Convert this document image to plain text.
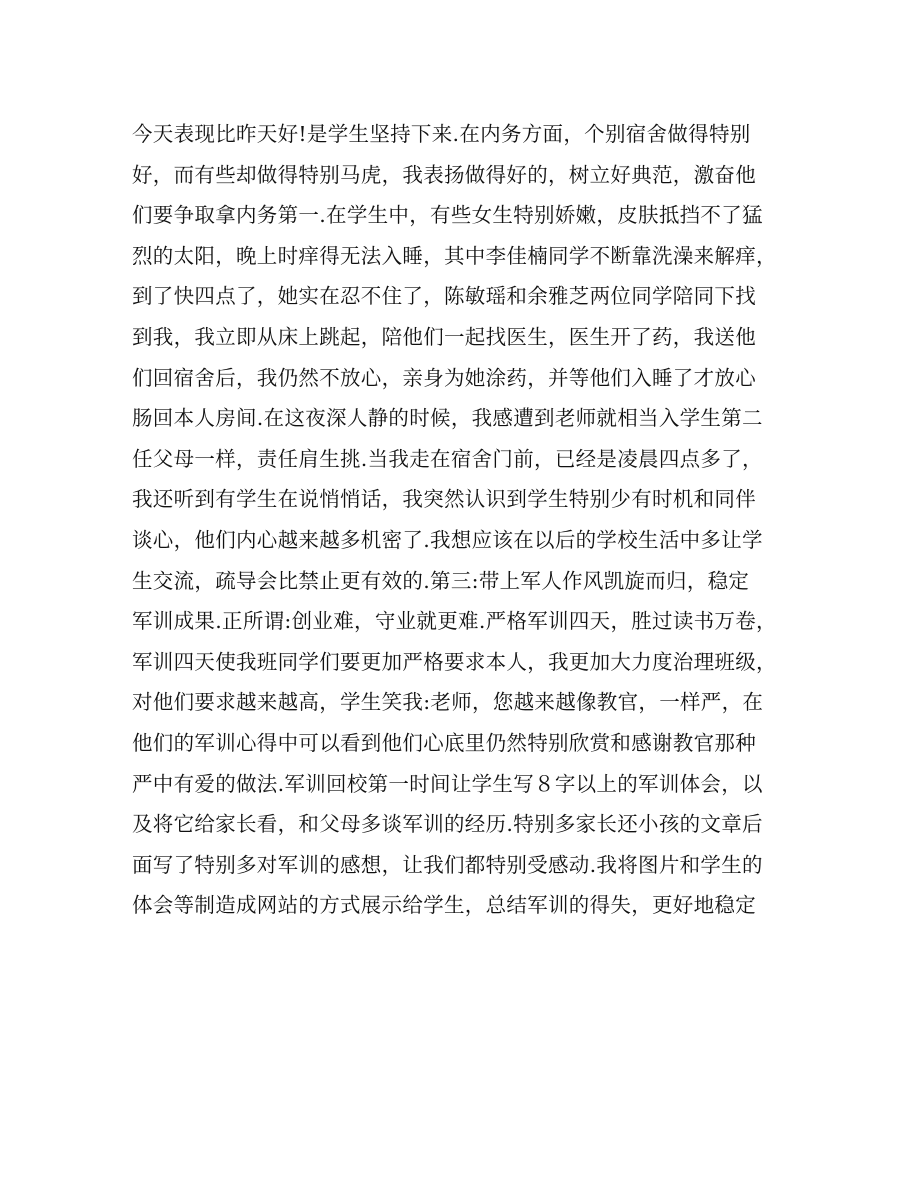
今天表现比昨天好!是学生坚持下来.在内务方面，个别宿舍做得特别
好，而有些却做得特别马虎，我表扬做得好的，树立好典范，激奋他
们要争取拿内务第一.在学生中，有些女生特别娇嫩，皮肤抵挡不了猛
烈的太阳，晚上时痒得无法入睡，其中李佳楠同学不断靠洗澡来解痒，
到了快四点了，她实在忍不住了，陈敏瑶和余雅芝两位同学陪同下找
到我，我立即从床上跳起，陪他们一起找医生，医生开了药，我送他
们回宿舍后，我仍然不放心，亲身为她涂药，并等他们入睡了才放心
肠回本人房间.在这夜深人静的时候，我感遭到老师就相当入学生第二
任父母一样，责任肩生挑.当我走在宿舍门前，已经是凌晨四点多了，
我还听到有学生在说悄悄话，我突然认识到学生特别少有时机和同伴
谈心，他们内心越来越多机密了.我想应该在以后的学校生活中多让学
生交流，疏导会比禁止更有效的.第三:带上军人作风凯旋而归，稳定
军训成果.正所谓:创业难，守业就更难.严格军训四天，胜过读书万卷，
军训四天使我班同学们要更加严格要求本人，我更加大力度治理班级，
对他们要求越来越高，学生笑我:老师，您越来越像教官，一样严，在
他们的军训心得中可以看到他们心底里仍然特别欣赏和感谢教官那种
严中有爱的做法.军训回校第一时间让学生写８字以上的军训体会，以
及将它给家长看，和父母多谈军训的经历.特别多家长还小孩的文章后
面写了特别多对军训的感想，让我们都特别受感动.我将图片和学生的
体会等制造成网站的方式展示给学生，总结军训的得失，更好地稳定
